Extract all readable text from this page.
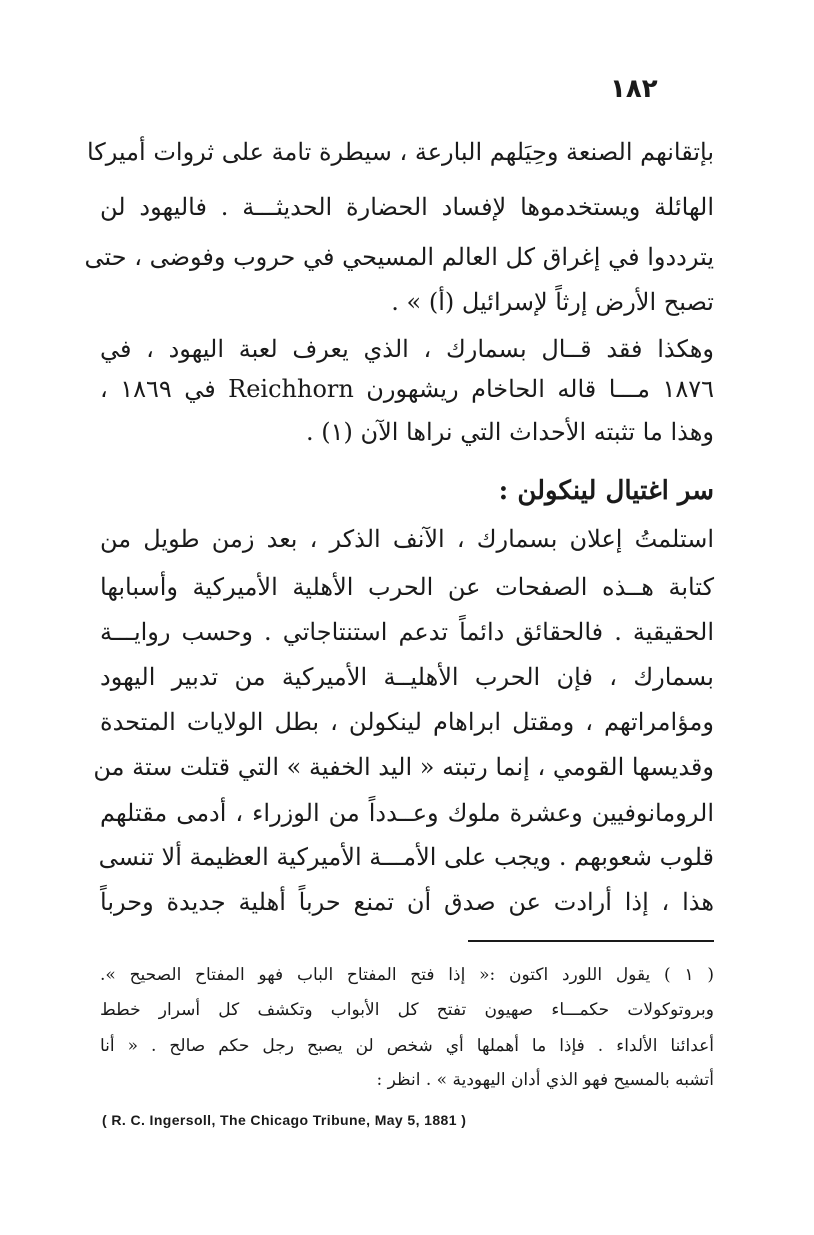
١٨٢
بإتقانهم الصنعة وحِيَلهم البارعة ، سيطرة تامة على ثروات أميركا
الهائلة ويستخدموها لإفساد الحضارة الحديثـــة . فاليهود لن
يترددوا في إغراق كل العالم المسيحي في حروب وفوضى ، حتى
تصبح الأرض إرثاً لإسرائيل (أ) » .
وهكذا فقد قــال بسمارك ، الذي يعرف لعبة اليهود ، في
١٨٧٦ مـــا قاله الحاخام ريشهورن Reichhorn في ١٨٦٩ ،
وهذا ما تثبته الأحداث التي نراها الآن (١) .
سر اغتيال لينكولن :
استلمتُ إعلان بسمارك ، الآنف الذكر ، بعد زمن طويل من
كتابة هــذه الصفحات عن الحرب الأهلية الأميركية وأسبابها
الحقيقية . فالحقائق دائماً تدعم استنتاجاتي . وحسب روايـــة
بسمارك ، فإن الحرب الأهليــة الأميركية من تدبير اليهود
ومؤامراتهم ، ومقتل ابراهام لينكولن ، بطل الولايات المتحدة
وقديسها القومي ، إنما رتبته « اليد الخفية » التي قتلت ستة من
الرومانوفيين وعشرة ملوك وعــدداً من الوزراء ، أدمى مقتلهم
قلوب شعوبهم . ويجب على الأمـــة الأميركية العظيمة ألا تنسى
هذا ، إذا أرادت عن صدق أن تمنع حرباً أهلية جديدة وحرباً
( ١ ) يقول اللورد اكتون :« إذا فتح المفتاح الباب فهو المفتاح الصحيح ».
وبروتوكولات حكمـــاء صهيون تفتح كل الأبواب وتكشف كل أسرار خطط
أعدائنا الألداء . فإذا ما أهملها أي شخص لن يصبح رجل حكم صالح . « أنا
أتشبه بالمسيح فهو الذي أدان اليهودية » . انظر :
( R. C. Ingersoll, The Chicago Tribune, May 5, 1881 )
